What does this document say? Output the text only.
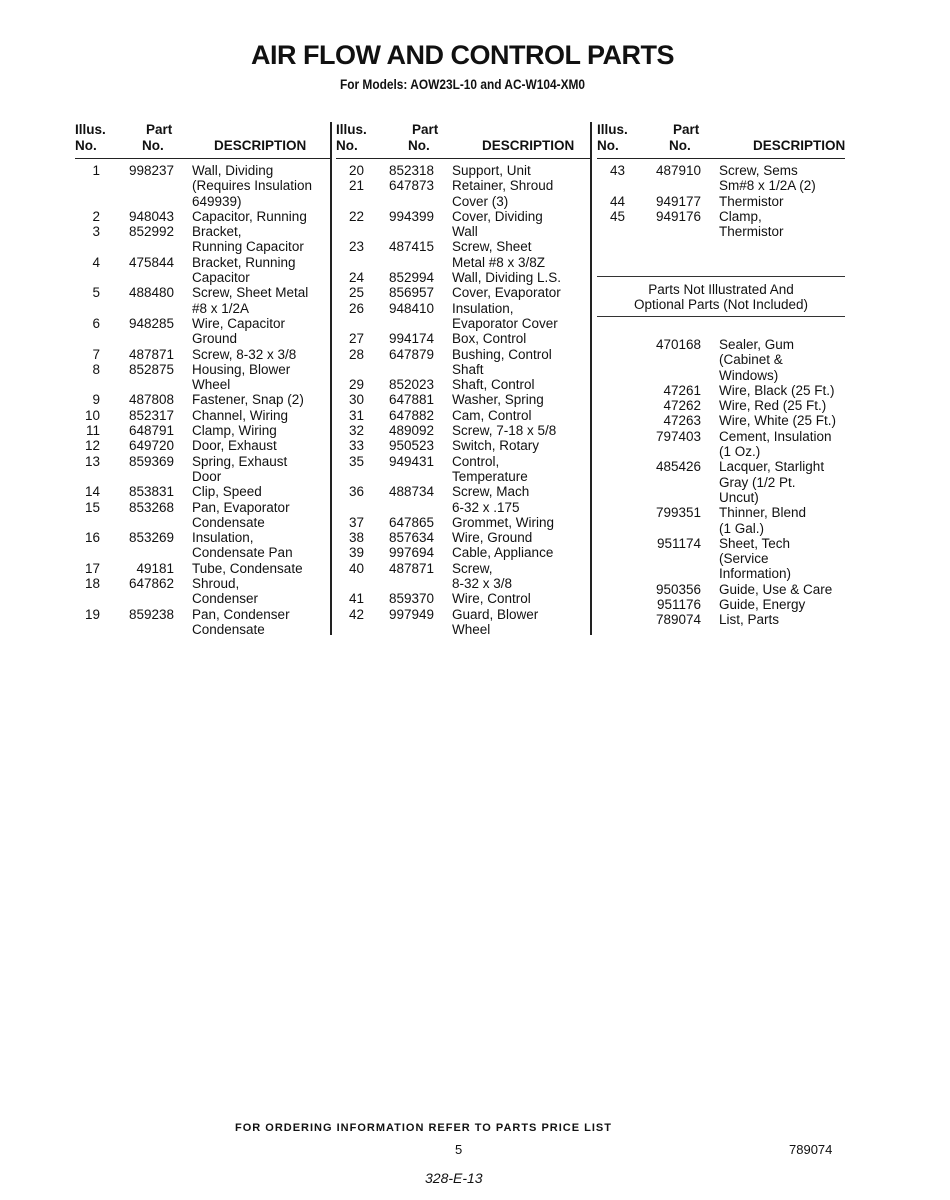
AIR FLOW AND CONTROL PARTS
For Models: AOW23L-10 and AC-W104-XM0
Illus.
No.
Part
No.	DESCRIPTION
1	998237 Wall, Dividing
(Requires Insulation
649939)
2	948043 Capacitor, Running
3	852992 Bracket,
Running Capacitor
4	475844 Bracket, Running
Capacitor
5	488480 Screw, Sheet Metal
#8 x 1/2A
6	948285 Wire, Capacitor
Ground
7	487871 Screw, 8-32 x 3/8
8	852875 Housing, Blower
Wheel
9	487808 Fastener, Snap (2)
10	852317 Channel, Wiring
11	648791 Clamp, Wiring
12	649720 Door, Exhaust
13	859369 Spring, Exhaust
Door
14	853831 Clip, Speed
15	853268 Pan, Evaporator
Condensate
16	853269 Insulation,
Condensate Pan
17	49181 Tube, Condensate
18	647862 Shroud,
Condenser
19	859238 Pan, Condenser
Condensate
Illus.
No.
Part
No.	DESCRIPTION
20	852318 Support, Unit
21	647873 Retainer, Shroud
Cover (3)
22	994399 Cover, Dividing
Wall
23	487415 Screw, Sheet
Metal #8 x 3/8Z
24	852994 Wall, Dividing L.S.
25	856957 Cover, Evaporator
26	948410 Insulation,
Evaporator Cover
27	994174 Box, Control
28	647879 Bushing, Control
Shaft
29	852023 Shaft, Control
30	647881 Washer, Spring
31	647882 Cam, Control
32	489092 Screw, 7-18 x 5/8
33	950523 Switch, Rotary
35	949431 Control,
Temperature
36	488734 Screw, Mach
6-32 x .175
37	647865 Grommet, Wiring
38	857634 Wire, Ground
39	997694 Cable, Appliance
40	487871 Screw,
8-32 x 3/8
41	859370 Wire, Control
42	997949 Guard, Blower
Wheel
Illus.
No.
Part
No.	DESCRIPTION
43	487910 Screw, Sems
Sm#8 x 1/2A (2)
44	949177 Thermistor
45	949176 Clamp,
Thermistor
Parts Not Illustrated And
Optional Parts (Not Included)
470168 Sealer, Gum
(Cabinet &
Windows)
47261 Wire, Black (25 Ft.)
47262 Wire, Red (25 Ft.)
47263 Wire, White (25 Ft.)
797403 Cement, Insulation
(1 Oz.)
485426 Lacquer, Starlight
Gray (1/2 Pt.
Uncut)
799351 Thinner, Blend
(1 Gal.)
951174 Sheet, Tech
(Service
Information)
950356 Guide, Use & Care
951176 Guide, Energy
789074 List, Parts
FOR ORDERING INFORMATION REFER TO PARTS PRICE LIST
5	789074
328-E-13
